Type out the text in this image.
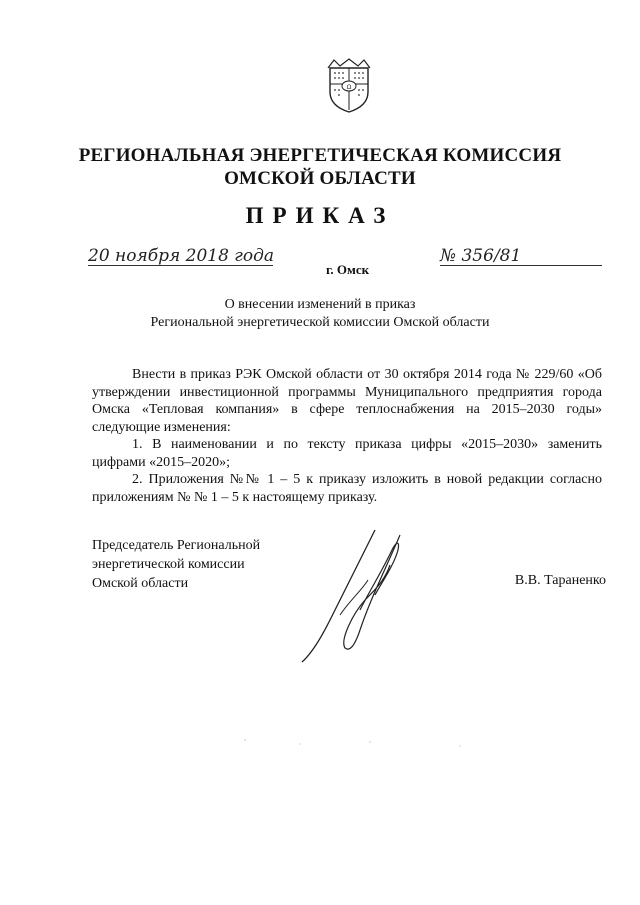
Ω
РЕГИОНАЛЬНАЯ ЭНЕРГЕТИЧЕСКАЯ КОМИССИЯ
ОМСКОЙ ОБЛАСТИ
ПРИКАЗ
20 ноября 2018 года	№ 356/81
г. Омск
О внесении изменений в приказ
Региональной энергетической комиссии Омской области

Внести в приказ РЭК Омской области от 30 октября 2014 года № 229/60 «Об утверждении инвестиционной программы Муниципального предприятия города Омска «Тепловая компания» в сфере теплоснабжения на 2015–2030 годы» следующие изменения:

1. В наименовании и по тексту приказа цифры «2015–2030» заменить цифрами «2015–2020»;

2. Приложения №№ 1 – 5 к приказу изложить в новой редакции согласно приложениям № № 1 – 5 к настоящему приказу.

Председатель Региональной
энергетической комиссии
Омской области	В.В. Тараненко
